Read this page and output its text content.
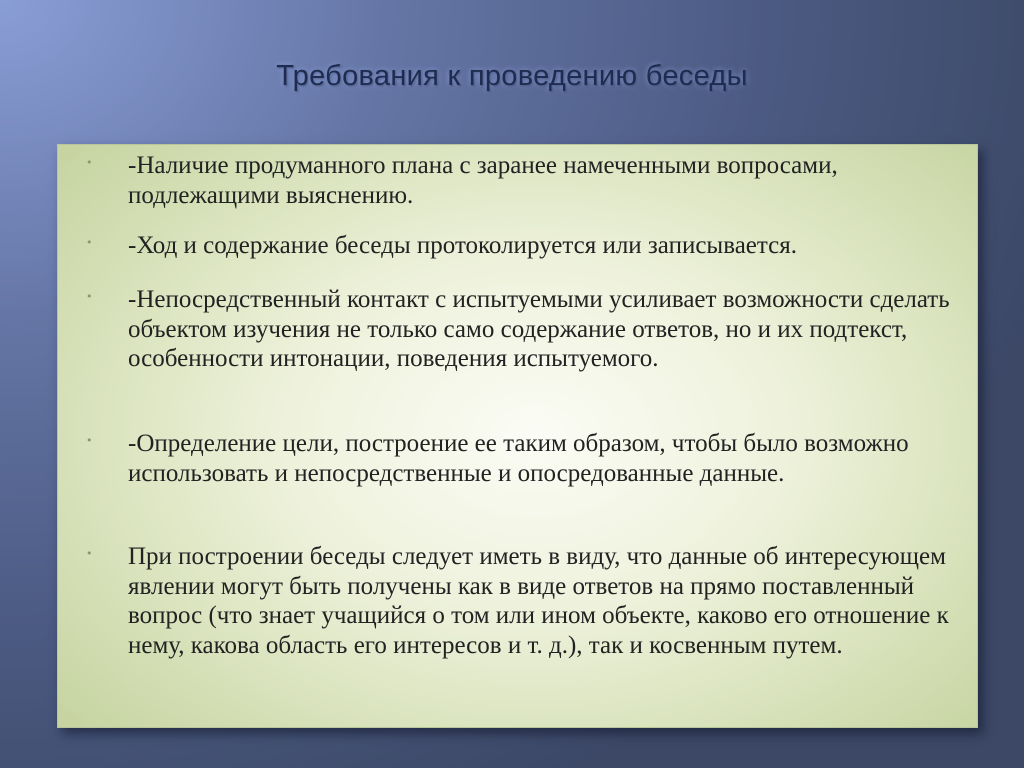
Требования к проведению беседы
• -Наличие продуманного плана с заранее намеченными вопросами, подлежащими выяснению.
• -Ход и содержание беседы протоколируется или записывается.
• -Непосредственный контакт с испытуемыми усиливает возможности сделать объектом изучения не только само содержание ответов, но и их подтекст, особенности интонации, поведения испытуемого.
• -Определение цели, построение ее таким образом, чтобы было возможно использовать и непосредственные и опосредованные данные.
• При построении беседы следует иметь в виду, что данные об интересующем явлении могут быть получены как в виде ответов на прямо поставленный вопрос (что знает учащийся о том или ином объекте, каково его отношение к нему, какова область его интересов и т. д.), так и косвенным путем.
